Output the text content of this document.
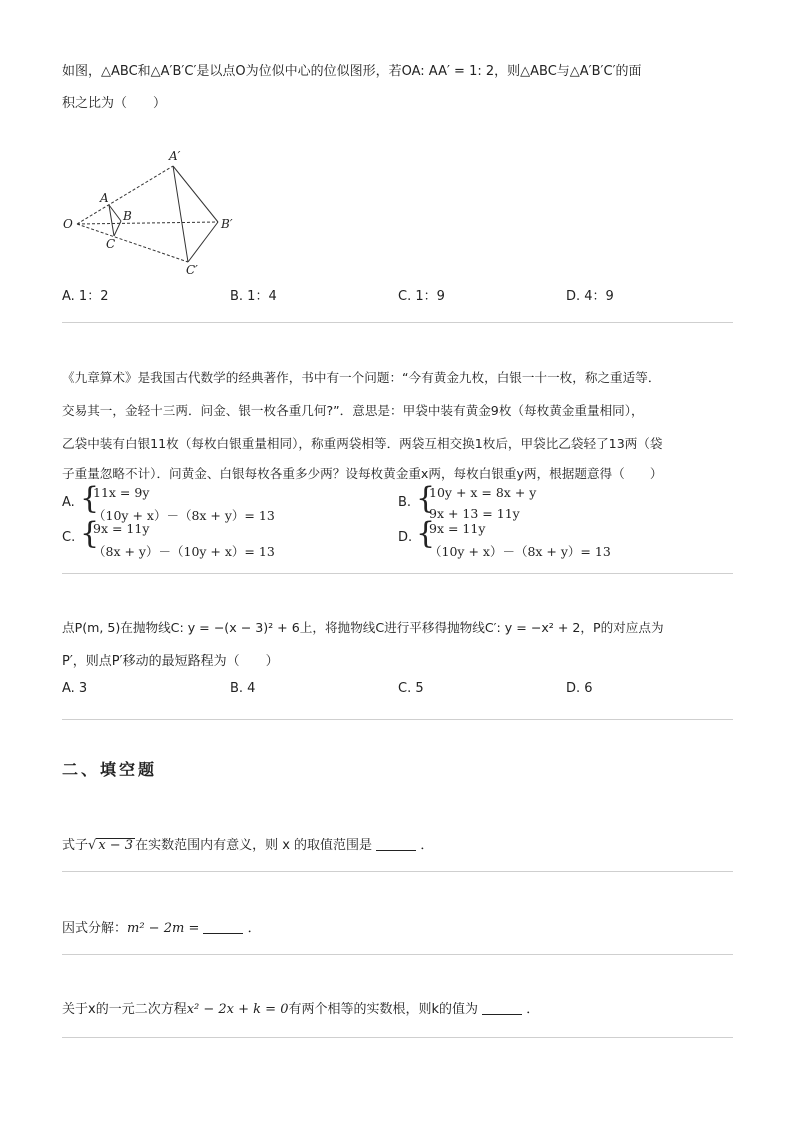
如图，△ABC和△A′B′C′是以点O为位似中心的位似图形，若OA: AA′ = 1: 2，则△ABC与△A′B′C′的面
积之比为（　　）
A′
A
B
B′
O
C
C′
A. 1：2	B. 1：4	C. 1：9	D. 4：9
《九章算术》是我国古代数学的经典著作，书中有一个问题：“今有黄金九枚，白银一十一枚，称之重适等．
交易其一，金轻十三两．问金、银一枚各重几何?”．意思是：甲袋中装有黄金9枚（每枚黄金重量相同），
乙袋中装有白银11枚（每枚白银重量相同），称重两袋相等．两袋互相交换1枚后，甲袋比乙袋轻了13两（袋
子重量忽略不计）．问黄金、白银每枚各重多少两？设每枚黄金重x两，每枚白银重y两，根据题意得（　　）
A. {
11x = 9y
（10y + x）－（8x + y）= 13
B. {
10y + x = 8x + y
9x + 13 = 11y
C. {
9x = 11y
（8x + y）－（10y + x）= 13
D. {
9x = 11y
（10y + x）－（8x + y）= 13
点P(m, 5)在抛物线C: y = −(x − 3)² + 6上，将抛物线C进行平移得抛物线C′: y = −x² + 2，P的对应点为
P′，则点P′移动的最短路程为（　　）
A. 3	B. 4	C. 5	D. 6
二、填空题
式子√ x − 3 在实数范围内有意义，则 x 的取值范围是	．
因式分解：m² − 2m =	．
关于x的一元二次方程x² − 2x + k = 0有两个相等的实数根，则k的值为	．
